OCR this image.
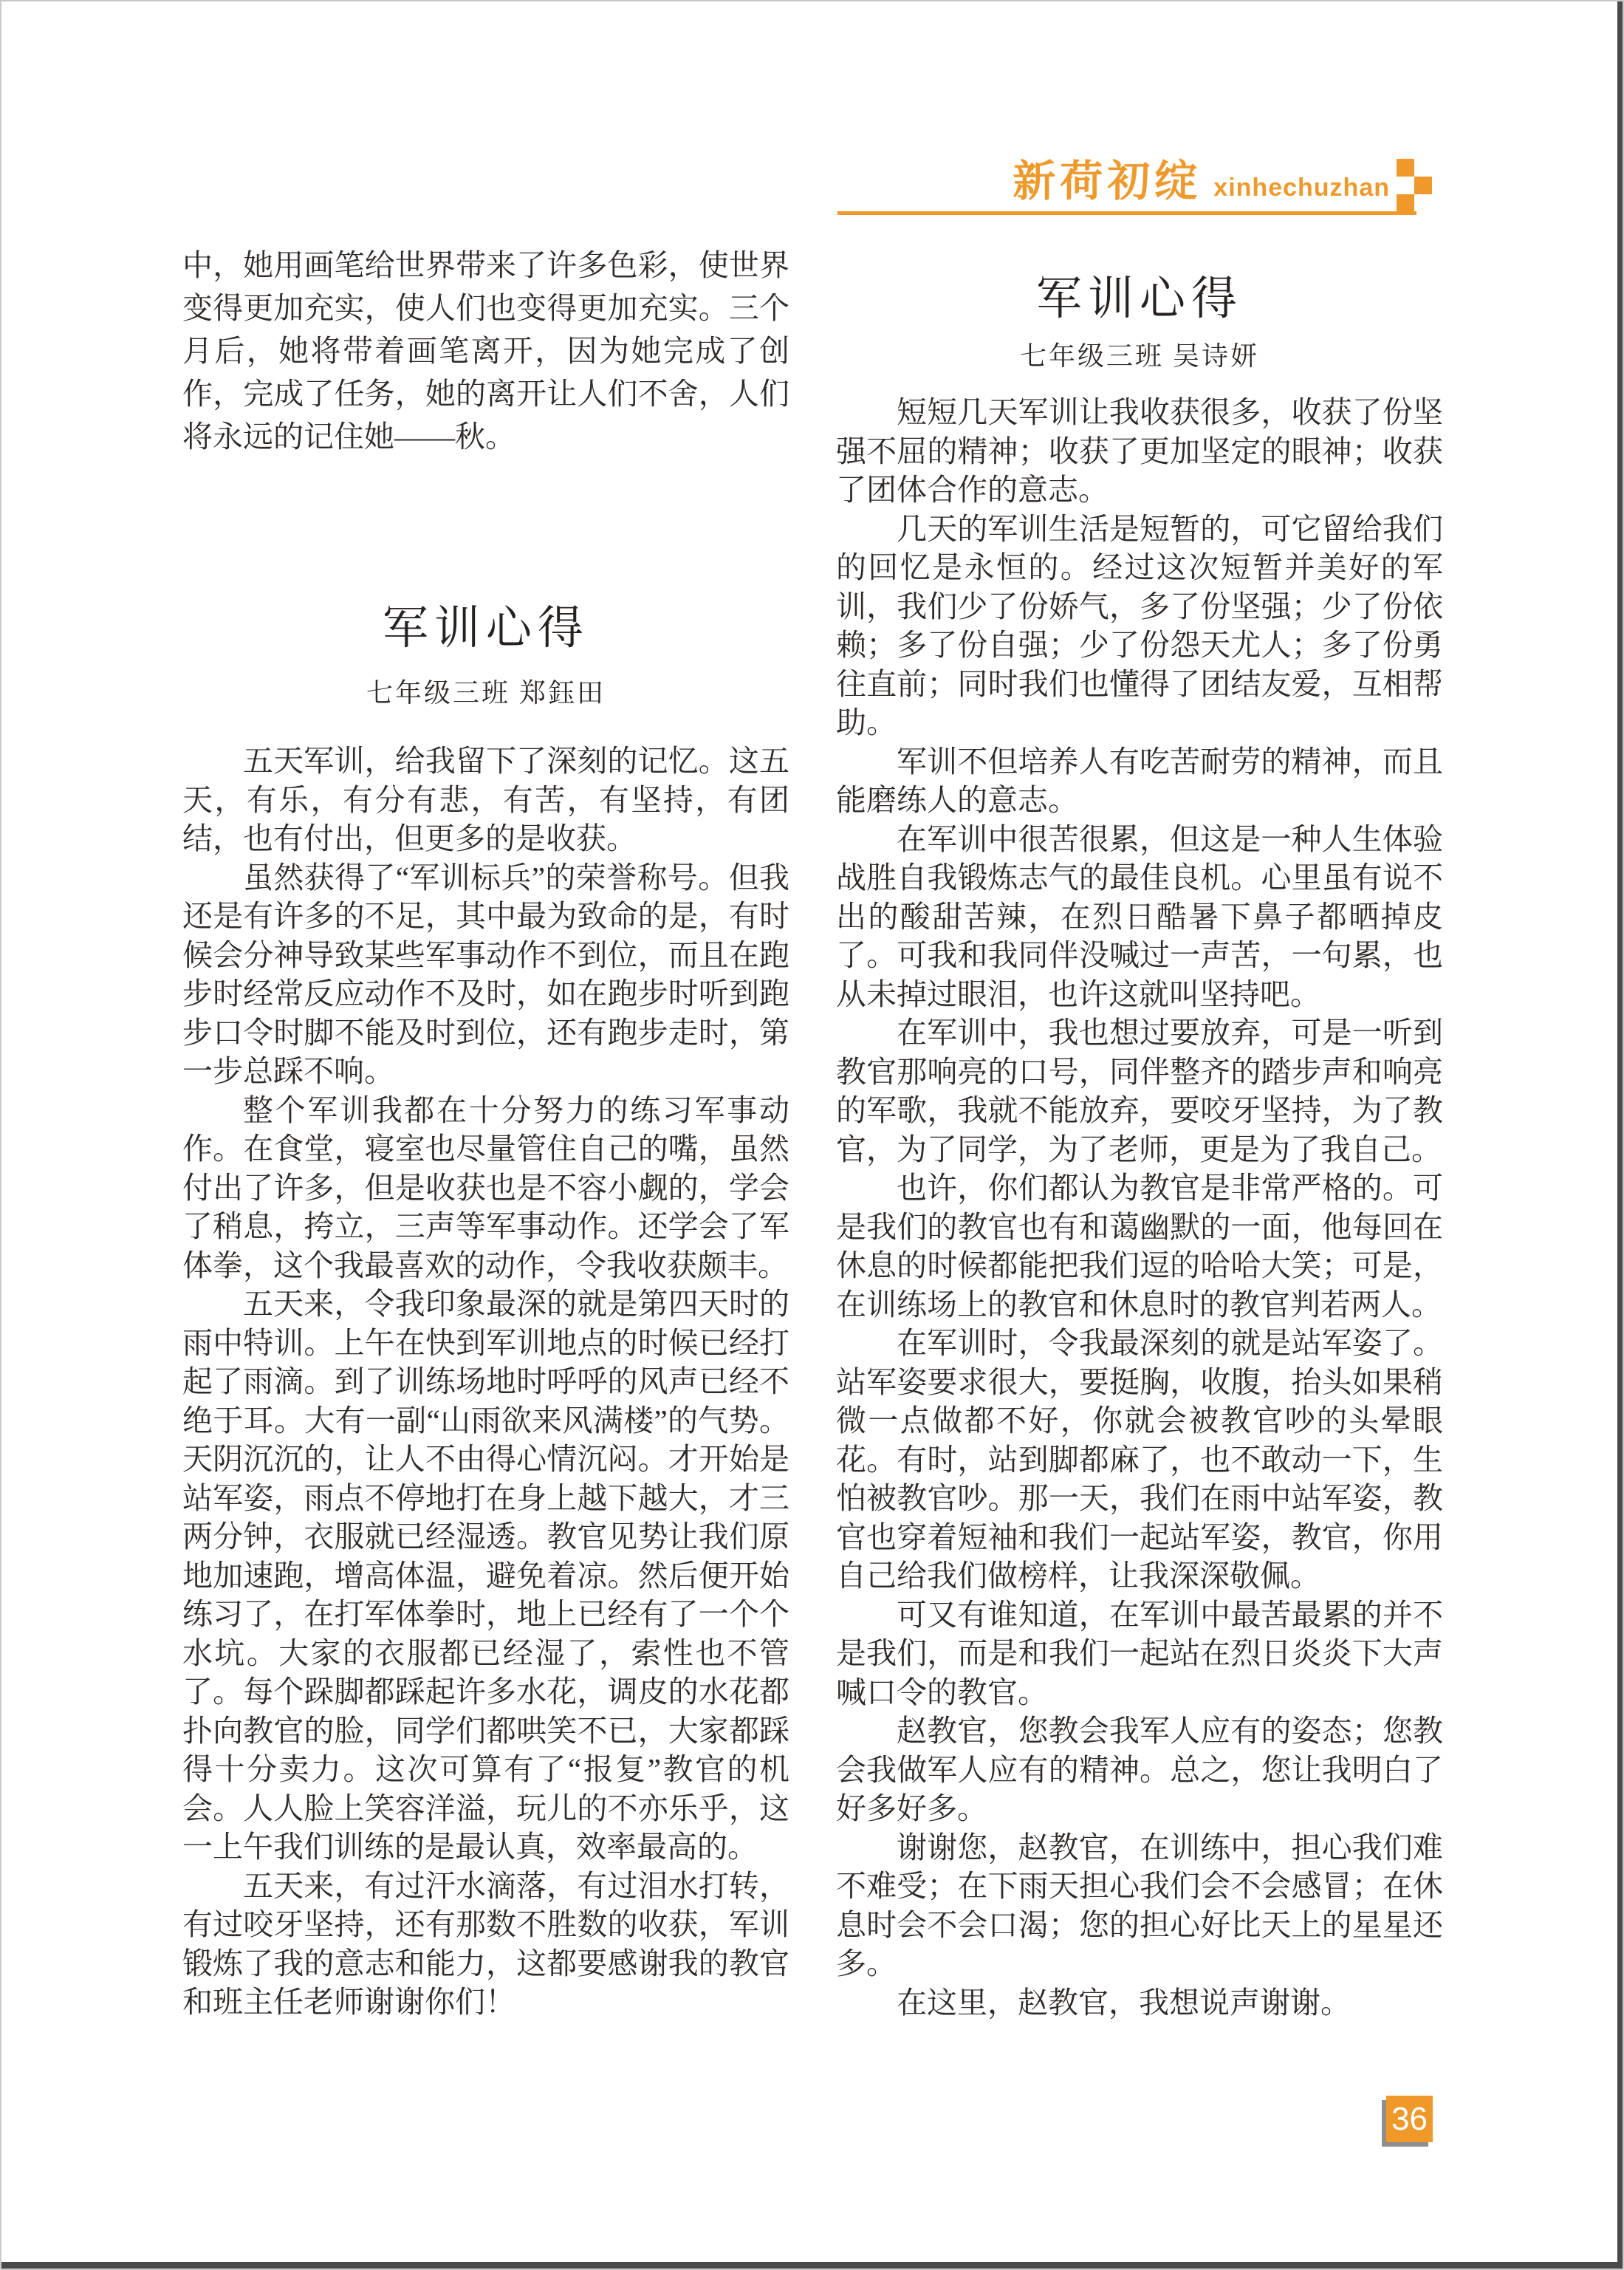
新荷初绽 xinhechuzhan

中，她用画笔给世界带来了许多色彩，使世界变得更加充实，使人们也变得更加充实。三个月后，她将带着画笔离开，因为她完成了创作，完成了任务，她的离开让人们不舍，人们将永远的记住她——秋。

军训心得
七年级三班 郑鈺田

五天军训，给我留下了深刻的记忆。这五天，有乐，有分有悲，有苦，有坚持，有团结，也有付出，但更多的是收获。

虽然获得了“军训标兵”的荣誉称号。但我还是有许多的不足，其中最为致命的是，有时候会分神导致某些军事动作不到位，而且在跑步时经常反应动作不及时，如在跑步时听到跑步口令时脚不能及时到位，还有跑步走时，第一步总踩不响。

整个军训我都在十分努力的练习军事动作。在食堂，寝室也尽量管住自己的嘴，虽然付出了许多，但是收获也是不容小觑的，学会了稍息，挎立，三声等军事动作。还学会了军体拳，这个我最喜欢的动作，令我收获颇丰。

五天来，令我印象最深的就是第四天时的雨中特训。上午在快到军训地点的时候已经打起了雨滴。到了训练场地时呼呼的风声已经不绝于耳。大有一副“山雨欲来风满楼”的气势。天阴沉沉的，让人不由得心情沉闷。才开始是站军姿，雨点不停地打在身上越下越大，才三两分钟，衣服就已经湿透。教官见势让我们原地加速跑，增高体温，避免着凉。然后便开始练习了，在打军体拳时，地上已经有了一个个水坑。大家的衣服都已经湿了，索性也不管了。每个跺脚都踩起许多水花，调皮的水花都扑向教官的脸，同学们都哄笑不已，大家都踩得十分卖力。这次可算有了“报复”教官的机会。人人脸上笑容洋溢，玩儿的不亦乐乎，这一上午我们训练的是最认真，效率最高的。

五天来，有过汗水滴落，有过泪水打转，有过咬牙坚持，还有那数不胜数的收获，军训锻炼了我的意志和能力，这都要感谢我的教官和班主任老师谢谢你们！

军训心得
七年级三班 吴诗妍

短短几天军训让我收获很多，收获了份坚强不屈的精神；收获了更加坚定的眼神；收获了团体合作的意志。

几天的军训生活是短暂的，可它留给我们的回忆是永恒的。经过这次短暂并美好的军训，我们少了份娇气，多了份坚强；少了份依赖；多了份自强；少了份怨天尤人；多了份勇往直前；同时我们也懂得了团结友爱，互相帮助。

军训不但培养人有吃苦耐劳的精神，而且能磨练人的意志。

在军训中很苦很累，但这是一种人生体验战胜自我锻炼志气的最佳良机。心里虽有说不出的酸甜苦辣，在烈日酷暑下鼻子都晒掉皮了。可我和我同伴没喊过一声苦，一句累，也从未掉过眼泪，也许这就叫坚持吧。

在军训中，我也想过要放弃，可是一听到教官那响亮的口号，同伴整齐的踏步声和响亮的军歌，我就不能放弃，要咬牙坚持，为了教官，为了同学，为了老师，更是为了我自己。

也许，你们都认为教官是非常严格的。可是我们的教官也有和蔼幽默的一面，他每回在休息的时候都能把我们逗的哈哈大笑；可是，在训练场上的教官和休息时的教官判若两人。

在军训时，令我最深刻的就是站军姿了。站军姿要求很大，要挺胸，收腹，抬头如果稍微一点做都不好，你就会被教官吵的头晕眼花。有时，站到脚都麻了，也不敢动一下，生怕被教官吵。那一天，我们在雨中站军姿，教官也穿着短袖和我们一起站军姿，教官，你用自己给我们做榜样，让我深深敬佩。

可又有谁知道，在军训中最苦最累的并不是我们，而是和我们一起站在烈日炎炎下大声喊口令的教官。

赵教官，您教会我军人应有的姿态；您教会我做军人应有的精神。总之，您让我明白了好多好多。

谢谢您，赵教官，在训练中，担心我们难不难受；在下雨天担心我们会不会感冒；在休息时会不会口渴；您的担心好比天上的星星还多。

在这里，赵教官，我想说声谢谢。

36
